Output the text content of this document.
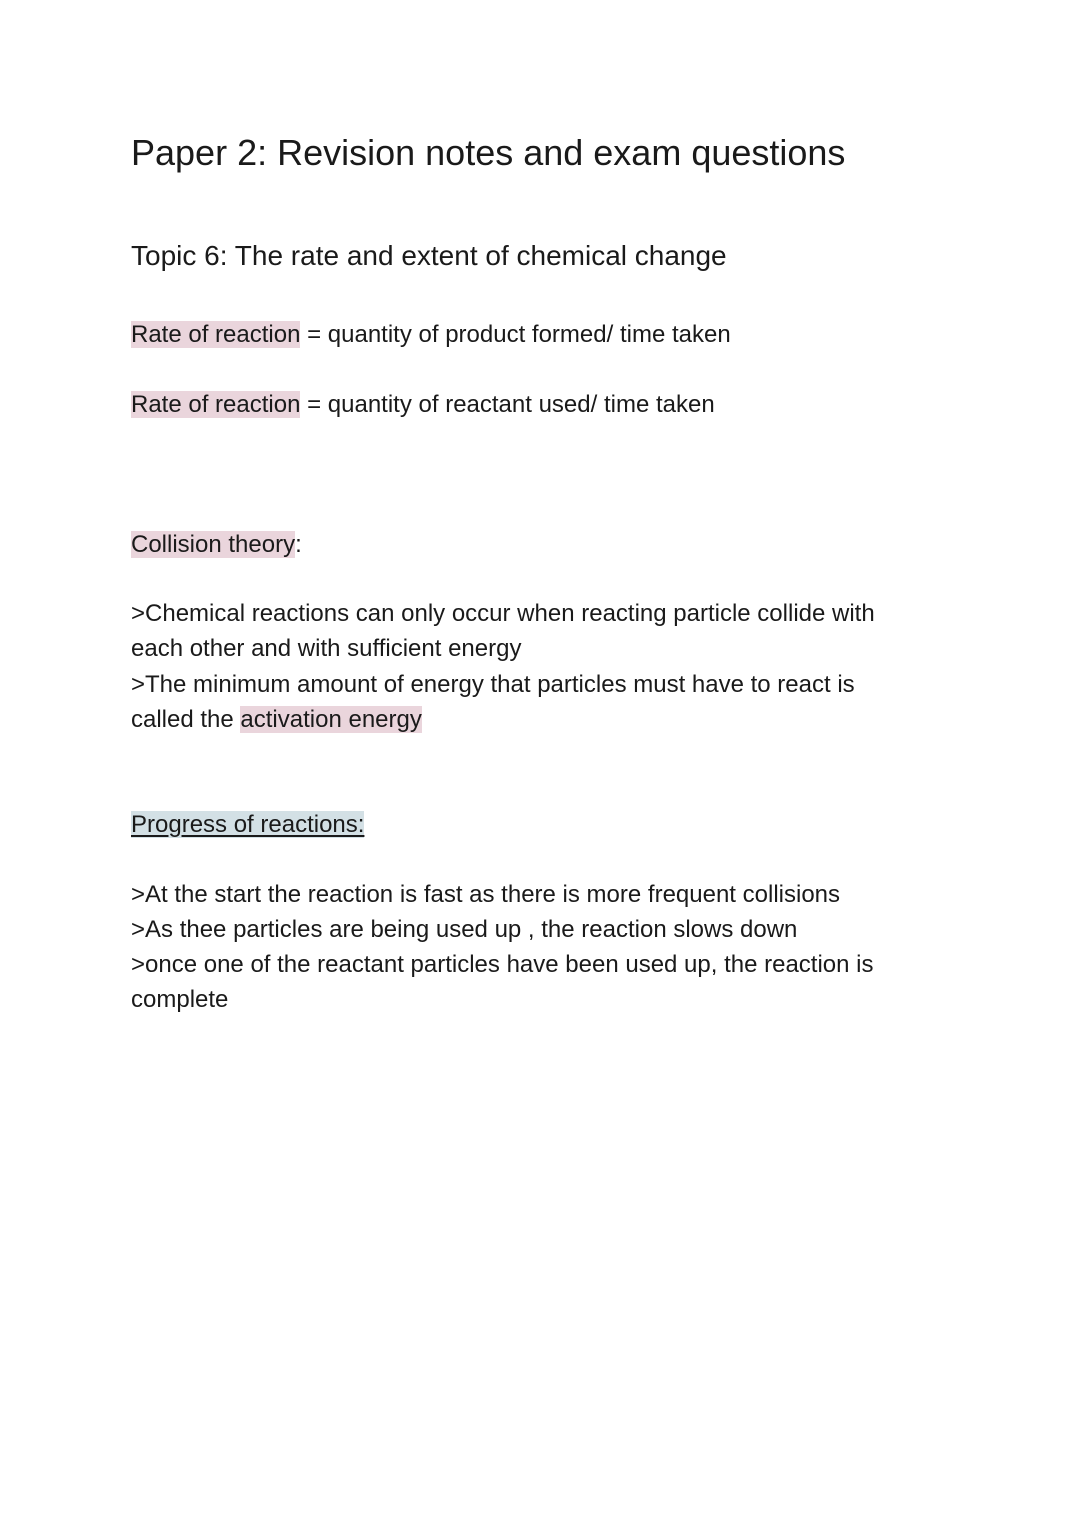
Paper 2: Revision notes and exam questions
Topic 6: The rate and extent of chemical change
Rate of reaction = quantity of product formed/ time taken
Rate of reaction = quantity of reactant used/ time taken
Collision theory:
>Chemical reactions can only occur when reacting particle collide with
each other and with sufficient energy
>The minimum amount of energy that particles must have to react is
called the activation energy
Progress of reactions:
>At the start the reaction is fast as there is more frequent collisions
>As thee particles are being used up , the reaction slows down
>once one of the reactant particles have been used up, the reaction is
complete
